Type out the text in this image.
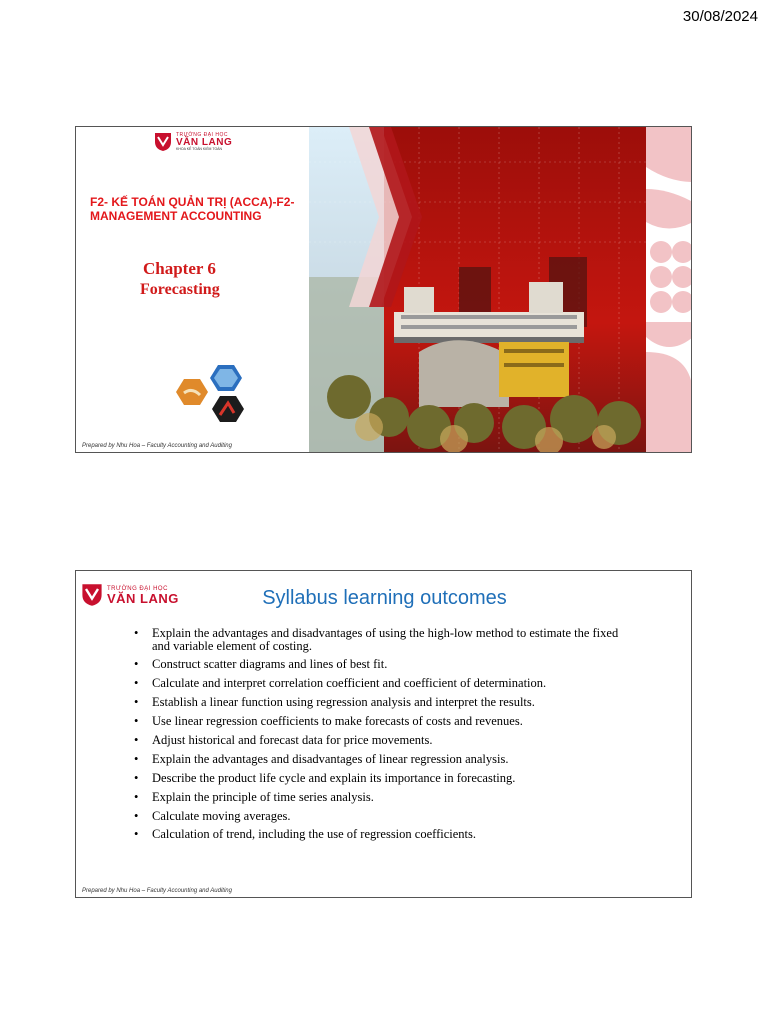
30/08/2024
TRƯỜNG ĐẠI HỌC
VĂN LANG
KHOA KẾ TOÁN KIỂM TOÁN
F2- KẾ TOÁN QUẢN TRỊ (ACCA)-F2-MANAGEMENT ACCOUNTING
Chapter 6
Forecasting
Prepared by Nhu Hoa – Faculty Accounting and Auditing
TRƯỜNG ĐẠI HỌC
VĂN LANG	Syllabus learning outcomes
• Explain the advantages and disadvantages of using the high-low method to estimate the fixed and variable element of costing.
• Construct scatter diagrams and lines of best fit.
• Calculate and interpret correlation coefficient and coefficient of determination.
• Establish a linear function using regression analysis and interpret the results.
• Use linear regression coefficients to make forecasts of costs and revenues.
• Adjust historical and forecast data for price movements.
• Explain the advantages and disadvantages of linear regression analysis.
• Describe the product life cycle and explain its importance in forecasting.
• Explain the principle of time series analysis.
• Calculate moving averages.
• Calculation of trend, including the use of regression coefficients.
Prepared by Nhu Hoa – Faculty Accounting and Auditing
